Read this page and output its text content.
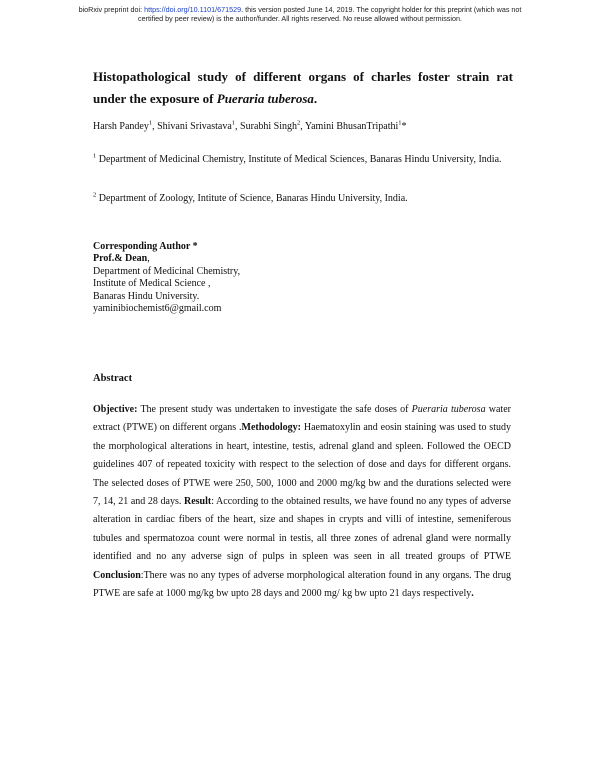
bioRxiv preprint doi: https://doi.org/10.1101/671529. this version posted June 14, 2019. The copyright holder for this preprint (which was not
certified by peer review) is the author/funder. All rights reserved. No reuse allowed without permission.
Histopathological study of different organs of charles foster strain rat under the exposure of Pueraria tuberosa.
Harsh Pandey$^1$, Shivani Srivastava$^1$, Surabhi Singh$^2$, Yamini BhusanTripathi$^1$*
$^1$ Department of Medicinal Chemistry, Institute of Medical Sciences, Banaras Hindu University, India.
$^2$ Department of Zoology, Intitute of Science, Banaras Hindu University, India.
Corresponding Author *
Prof.& Dean,
Department of Medicinal Chemistry,
Institute of Medical Science ,
Banaras Hindu University.
yaminibiochemist6@gmail.com
Abstract
Objective: The present study was undertaken to investigate the safe doses of Pueraria tuberosa water extract (PTWE) on different organs .Methodology: Haematoxylin and eosin staining was used to study the morphological alterations in heart, intestine, testis, adrenal gland and spleen. Followed the OECD guidelines 407 of repeated toxicity with respect to the selection of dose and days for different organs. The selected doses of PTWE were 250, 500, 1000 and 2000 mg/kg bw and the durations selected were 7, 14, 21 and 28 days. Result: According to the obtained results, we have found no any types of adverse alteration in cardiac fibers of the heart, size and shapes in crypts and villi of intestine, semeniferous tubules and spermatozoa count were normal in testis, all three zones of adrenal gland were normally identified and no any adverse sign of pulps in spleen was seen in all treated groups of PTWE Conclusion:There was no any types of adverse morphological alteration found in any organs. The drug PTWE are safe at 1000 mg/kg bw upto 28 days and 2000 mg/ kg bw upto 21 days respectively.
